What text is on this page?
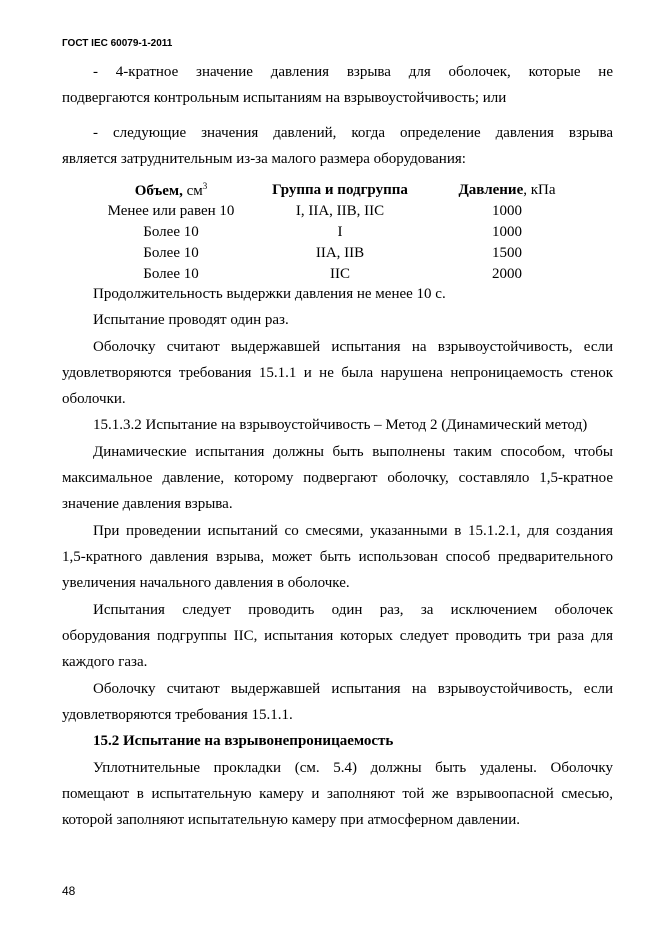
ГОСТ IEC 60079-1-2011
- 4-кратное значение давления взрыва для оболочек, которые не
подвергаются контрольным испытаниям на взрывоустойчивость; или
- следующие значения давлений, когда определение давления взрыва
является затруднительным из-за малого размера оборудования:
Объем, $см^3$	Группа и подгруппа	Давление, кПа
Менее или равен 10	I, IIA, IIB, IIC	1000
Более 10	I	1000
Более 10	IIA, IIB	1500
Более 10	IIC	2000
Продолжительность выдержки давления не менее 10 с.
Испытание проводят один раз.
Оболочку считают выдержавшей испытания на взрывоустойчивость, если
удовлетворяются требования 15.1.1 и не была нарушена непроницаемость стенок
оболочки.
15.1.3.2 Испытание на взрывоустойчивость – Метод 2 (Динамический метод)
Динамические испытания должны быть выполнены таким способом, чтобы
максимальное давление, которому подвергают оболочку, составляло 1,5-кратное
значение давления взрыва.
При проведении испытаний со смесями, указанными в 15.1.2.1, для создания
1,5-кратного давления взрыва, может быть использован способ предварительного
увеличения начального давления в оболочке.
Испытания следует проводить один раз, за исключением оболочек
оборудования подгруппы IIC, испытания которых следует проводить три раза для
каждого газа.
Оболочку считают выдержавшей испытания на взрывоустойчивость, если
удовлетворяются требования 15.1.1.
15.2 Испытание на взрывонепроницаемость
Уплотнительные прокладки (см. 5.4) должны быть удалены. Оболочку
помещают в испытательную камеру и заполняют той же взрывоопасной смесью,
которой заполняют испытательную камеру при атмосферном давлении.
48
